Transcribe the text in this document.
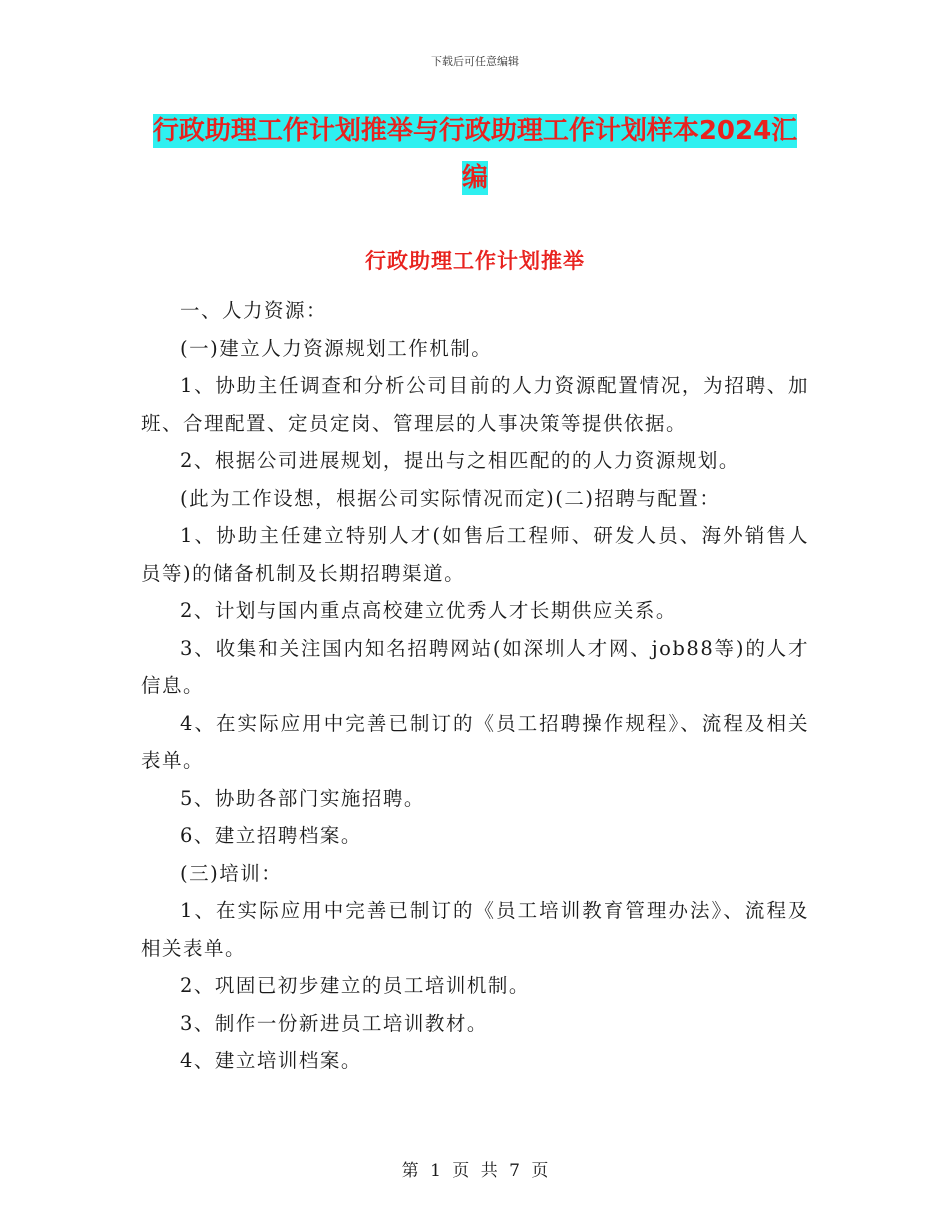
下载后可任意编辑
行政助理工作计划推举与行政助理工作计划样本2024汇编
行政助理工作计划推举

一、人力资源：

(一)建立人力资源规划工作机制。

1、协助主任调查和分析公司目前的人力资源配置情况，为招聘、加班、合理配置、定员定岗、管理层的人事决策等提供依据。

2、根据公司进展规划，提出与之相匹配的的人力资源规划。

(此为工作设想，根据公司实际情况而定)(二)招聘与配置：

1、协助主任建立特别人才(如售后工程师、研发人员、海外销售人员等)的储备机制及长期招聘渠道。

2、计划与国内重点高校建立优秀人才长期供应关系。

3、收集和关注国内知名招聘网站(如深圳人才网、job88等)的人才信息。

4、在实际应用中完善已制订的《员工招聘操作规程》、流程及相关表单。

5、协助各部门实施招聘。

6、建立招聘档案。

(三)培训：

1、在实际应用中完善已制订的《员工培训教育管理办法》、流程及相关表单。

2、巩固已初步建立的员工培训机制。

3、制作一份新进员工培训教材。

4、建立培训档案。

第 1 页 共 7 页
